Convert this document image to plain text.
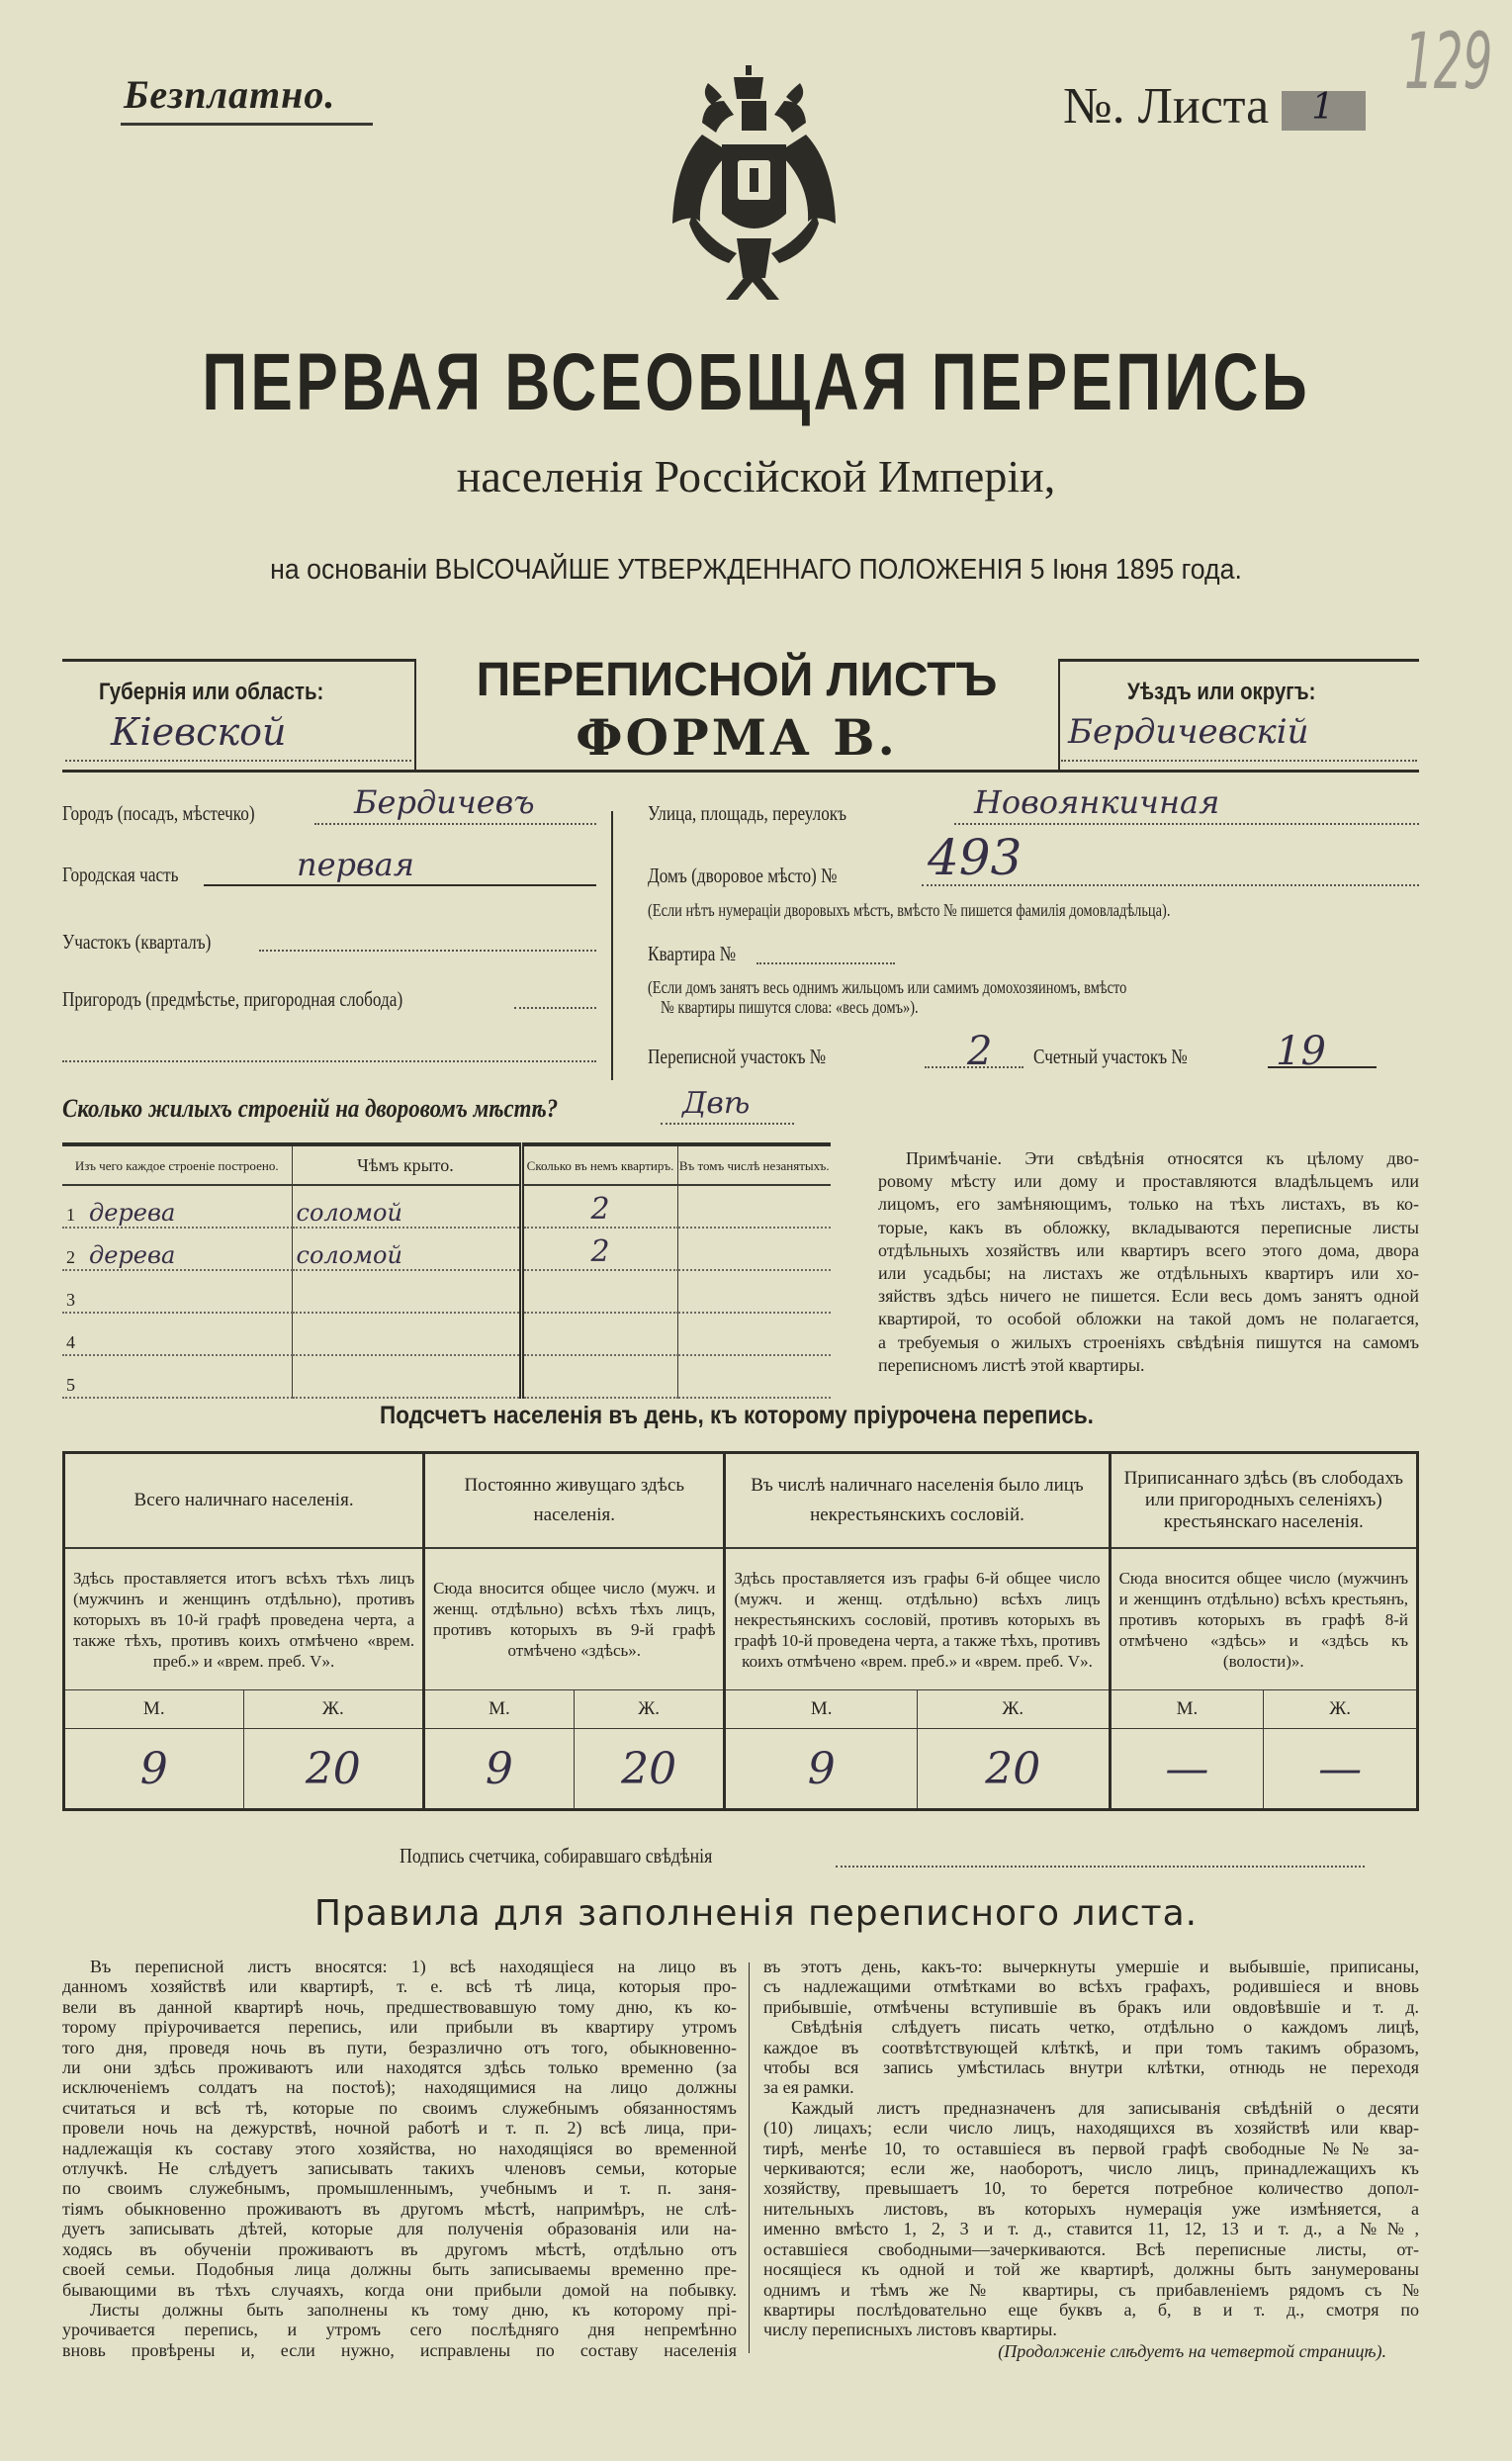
Безплатно.	№. Листа 1
129
ПЕРВАЯ ВСЕОБЩАЯ ПЕРЕПИСЬ
населенія Россійской Имперіи,
на основаніи ВЫСОЧАЙШЕ УТВЕРЖДЕННАГО ПОЛОЖЕНІЯ 5 Іюня 1895 года.
Губернія или область:
Кіевской
ПЕРЕПИСНОЙ ЛИСТЪ
ФОРМА В.
Уѣздъ или округъ:
Бердичевскій
Городъ (посадъ, мѣстечко)	Бердичевъ
Городская часть	первая
Участокъ (кварталъ)
Пригородъ (предмѣстье, пригородная слобода)
Улица, площадь, переулокъ	Новоянкичная
Домъ (дворовое мѣсто) № 493
(Если нѣтъ нумераціи дворовыхъ мѣстъ, вмѣсто № пишется фамилія домовладѣльца).
Квартира №
(Если домъ занятъ весь однимъ жильцомъ или самимъ домохозяиномъ, вмѣсто
№ квартиры пишутся слова: «весь домъ»).
Переписной участокъ №	2 Счетный участокъ № 19
Сколько жилыхъ строеній на дворовомъ мѣстѣ?	Двѣ
Изъ чего каждое строеніе построено.	Чѣмъ крыто.	Сколько въ немъ квартиръ.	Въ томъ числѣ незанятыхъ.
1 дерева	соломой	2	
2 дерева	соломой	2	
3			
4			
5			
Примѣчаніе. Эти свѣдѣнія относятся къ цѣлому дво-
ровому мѣсту или дому и проставляются владѣльцемъ или
лицомъ, его замѣняющимъ, только на тѣхъ листахъ, въ ко-
торые, какъ въ обложку, вкладываются переписные листы
отдѣльныхъ хозяйствъ или квартиръ всего этого дома, двора
или усадьбы; на листахъ же отдѣльныхъ квартиръ или хо-
зяйствъ здѣсь ничего не пишется. Если весь домъ занятъ одной
квартирой, то особой обложки на такой домъ не полагается,
а требуемыя о жилыхъ строеніяхъ свѣдѣнія пишутся на самомъ
переписномъ листѣ этой квартиры.
Подсчетъ населенія въ день, къ которому пріурочена перепись.
Всего наличнаго населенія.		Постоянно живущаго здѣсь населенія.		Въ числѣ наличнаго населенія было лицъ некрестьянскихъ сословій.		Приписаннаго здѣсь (въ слободахъ или пригородныхъ селеніяхъ) крестьянскаго населенія.	
Здѣсь проставляется итогъ всѣхъ тѣхъ лицъ (мужчинъ и женщинъ отдѣльно), противъ которыхъ въ 10-й графѣ проведена черта, а также тѣхъ, противъ коихъ отмѣчено «врем. преб.» и «врем. преб. V».		Сюда вносится общее число (мужч. и женщ. отдѣльно) всѣхъ тѣхъ лицъ, противъ которыхъ въ 9-й графѣ отмѣчено «здѣсь».		Здѣсь проставляется изъ графы 6-й общее число (мужч. и женщ. отдѣльно) всѣхъ лицъ некрестьянскихъ сословій, противъ которыхъ въ графѣ 10-й проведена черта, а также тѣхъ, противъ коихъ отмѣчено «врем. преб.» и «врем. преб. V».		Сюда вносится общее число (мужчинъ и женщинъ отдѣльно) всѣхъ крестьянъ, противъ которыхъ въ графѣ 8-й отмѣчено «здѣсь» и «здѣсь къ (волости)».	
М.	Ж.	М.	Ж.	М.	Ж.	М.	Ж.
9	20	9	20	9	20	—	—
Подпись счетчика, собиравшаго свѣдѣнія
Правила для заполненія переписного листа.
Въ переписной листъ вносятся: 1) всѣ находящіеся на лицо въ
данномъ хозяйствѣ или квартирѣ, т. е. всѣ тѣ лица, которыя про-
вели въ данной квартирѣ ночь, предшествовавшую тому дню, къ ко-
торому пріурочивается перепись, или прибыли въ квартиру утромъ
того дня, проведя ночь въ пути, безразлично отъ того, обыкновенно-
ли они здѣсь проживаютъ или находятся здѣсь только временно (за
исключеніемъ солдатъ на постоѣ); находящимися на лицо должны
считаться и всѣ тѣ, которые по своимъ служебнымъ обязанностямъ
провели ночь на дежурствѣ, ночной работѣ и т. п. 2) всѣ лица, при-
надлежащія къ составу этого хозяйства, но находящіяся во временной
отлучкѣ. Не слѣдуетъ записывать такихъ членовъ семьи, которые
по своимъ служебнымъ, промышленнымъ, учебнымъ и т. п. заня-
тіямъ обыкновенно проживаютъ въ другомъ мѣстѣ, напримѣръ, не слѣ-
дуетъ записывать дѣтей, которые для полученія образованія или на-
ходясь въ обученіи проживаютъ въ другомъ мѣстѣ, отдѣльно отъ
своей семьи. Подобныя лица должны быть записываемы временно пре-
бывающими въ тѣхъ случаяхъ, когда они прибыли домой на побывку.
Листы должны быть заполнены къ тому дню, къ которому прі-
урочивается перепись, и утромъ сего послѣдняго дня непремѣнно
вновь провѣрены и, если нужно, исправлены по составу населенія
въ этотъ день, какъ-то: вычеркнуты умершіе и выбывшіе, приписаны,
съ надлежащими отмѣтками во всѣхъ графахъ, родившіеся и вновь
прибывшіе, отмѣчены вступившіе въ бракъ или овдовѣвшіе и т. д.
Свѣдѣнія слѣдуетъ писать четко, отдѣльно о каждомъ лицѣ,
каждое въ соотвѣтствующей клѣткѣ, и при томъ такимъ образомъ,
чтобы вся запись умѣстилась внутри клѣтки, отнюдь не переходя
за ея рамки.
Каждый листъ предназначенъ для записыванія свѣдѣній о десяти
(10) лицахъ; если число лицъ, находящихся въ хозяйствѣ или квар-
тирѣ, менѣе 10, то оставшіеся въ первой графѣ свободные №№ за-
черкиваются; если же, наоборотъ, число лицъ, принадлежащихъ къ
хозяйству, превышаетъ 10, то берется потребное количество допол-
нительныхъ листовъ, въ которыхъ нумерація уже измѣняется, а
именно вмѣсто 1, 2, 3 и т. д., ставится 11, 12, 13 и т. д., а №№,
оставшіеся свободными—зачеркиваются. Всѣ переписные листы, от-
носящіеся къ одной и той же квартирѣ, должны быть занумерованы
однимъ и тѣмъ же № квартиры, съ прибавленіемъ рядомъ съ №
квартиры послѣдовательно еще буквъ а, б, в и т. д., смотря по
числу переписныхъ листовъ квартиры.
(Продолженіе слѣдуетъ на четвертой страницѣ).
